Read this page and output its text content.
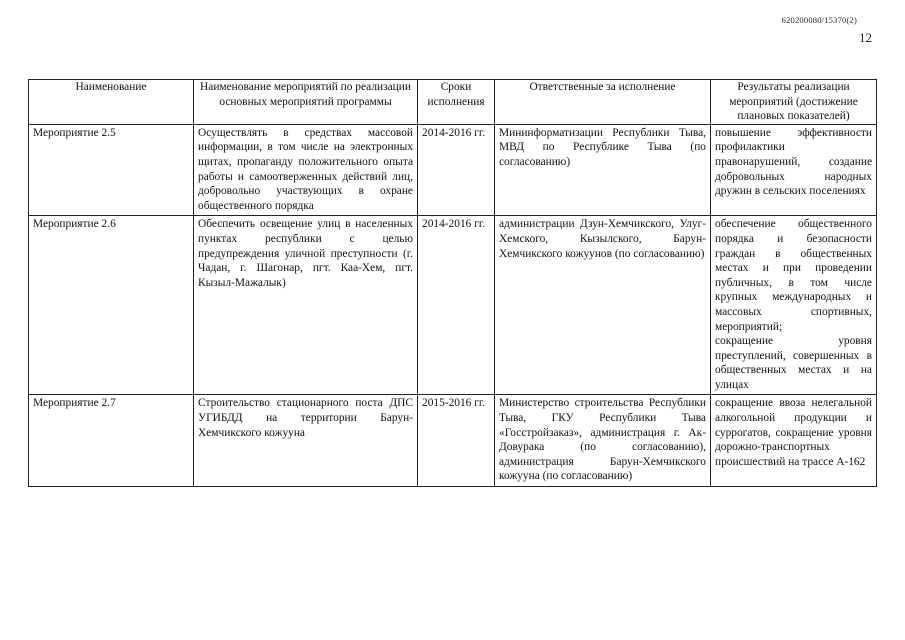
620200080/15370(2)
12
Наименование	Наименование мероприятий по реализации основных мероприятий программы	Сроки исполнения	Ответственные за исполнение	Результаты реализации мероприятий (достижение плановых показателей)
Мероприятие 2.5	Осуществлять в средствах массовой информации, в том числе на электронных щитах, пропаганду положительного опыта работы и самоотверженных действий лиц, добровольно участвующих в охране общественного порядка	2014-2016 гг.	Мининформатизации Республики Тыва, МВД по Республике Тыва (по согласованию)	повышение эффективности профилактики правонарушений, создание добровольных народных дружин в сельских поселениях

Мероприятие 2.6	Обеспечить освещение улиц в населенных пунктах республики с целью предупреждения уличной преступности (г. Чадан, г. Шагонар, пгт. Каа-Хем, пгт. Кызыл-Мажалык)	2014-2016 гг.	администрации Дзун-Хемчикского, Улуг-Хемского, Кызылского, Барун-Хемчикского кожуунов (по согласованию)	обеспечение общественного порядка и безопасности граждан в общественных местах и при проведении публичных, в том числе крупных международных и массовых спортивных, мероприятий;
сокращение уровня преступлений, совершенных в общественных местах и на улицах

Мероприятие 2.7	Строительство стационарного поста ДПС УГИБДД на территории Барун-Хемчикского кожууна	2015-2016 гг.	Министерство строительства Республики Тыва, ГКУ Республики Тыва «Госстройзаказ», администрация г. Ак-Довурака (по согласованию), администрация Барун-Хемчикского кожууна (по согласованию)	сокращение ввоза нелегальной алкогольной продукции и суррогатов, сокращение уровня дорожно-транспортных происшествий на трассе А-162
